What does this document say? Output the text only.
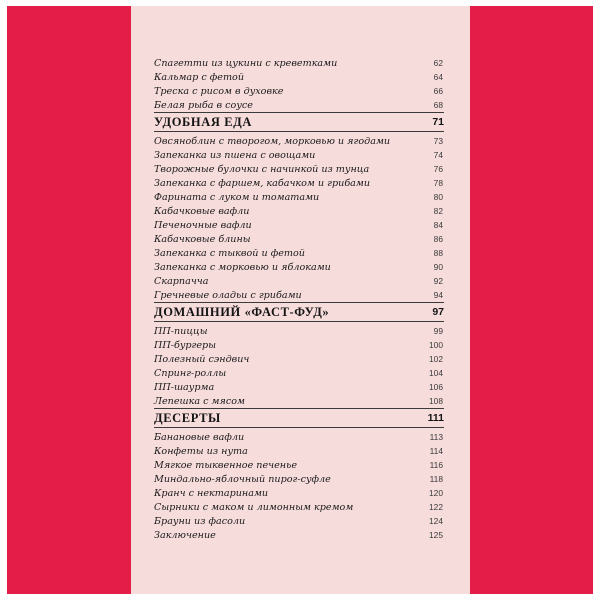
Спагетти из цукини с креветками	62
Кальмар с фетой	64
Треска с рисом в духовке	66
Белая рыба в соусе	68
УДОБНАЯ ЕДА	71
Овсяноблин с творогом, морковью и ягодами	73
Запеканка из пшена с овощами	74
Творожные булочки с начинкой из тунца	76
Запеканка с фаршем, кабачком и грибами	78
Фарината с луком и томатами	80
Кабачковые вафли	82
Печеночные вафли	84
Кабачковые блины	86
Запеканка с тыквой и фетой	88
Запеканка с морковью и яблоками	90
Скарпачча	92
Гречневые оладьи с грибами	94
ДОМАШНИЙ «ФАСТ-ФУД»	97
ПП-пиццы	99
ПП-бургеры	100
Полезный сэндвич	102
Спринг-роллы	104
ПП-шаурма	106
Лепешка с мясом	108
ДЕСЕРТЫ	111
Банановые вафли	113
Конфеты из нута	114
Мягкое тыквенное печенье	116
Миндально-яблочный пирог-суфле	118
Кранч с нектаринами	120
Сырники с маком и лимонным кремом	122
Брауни из фасоли	124
Заключение	125
